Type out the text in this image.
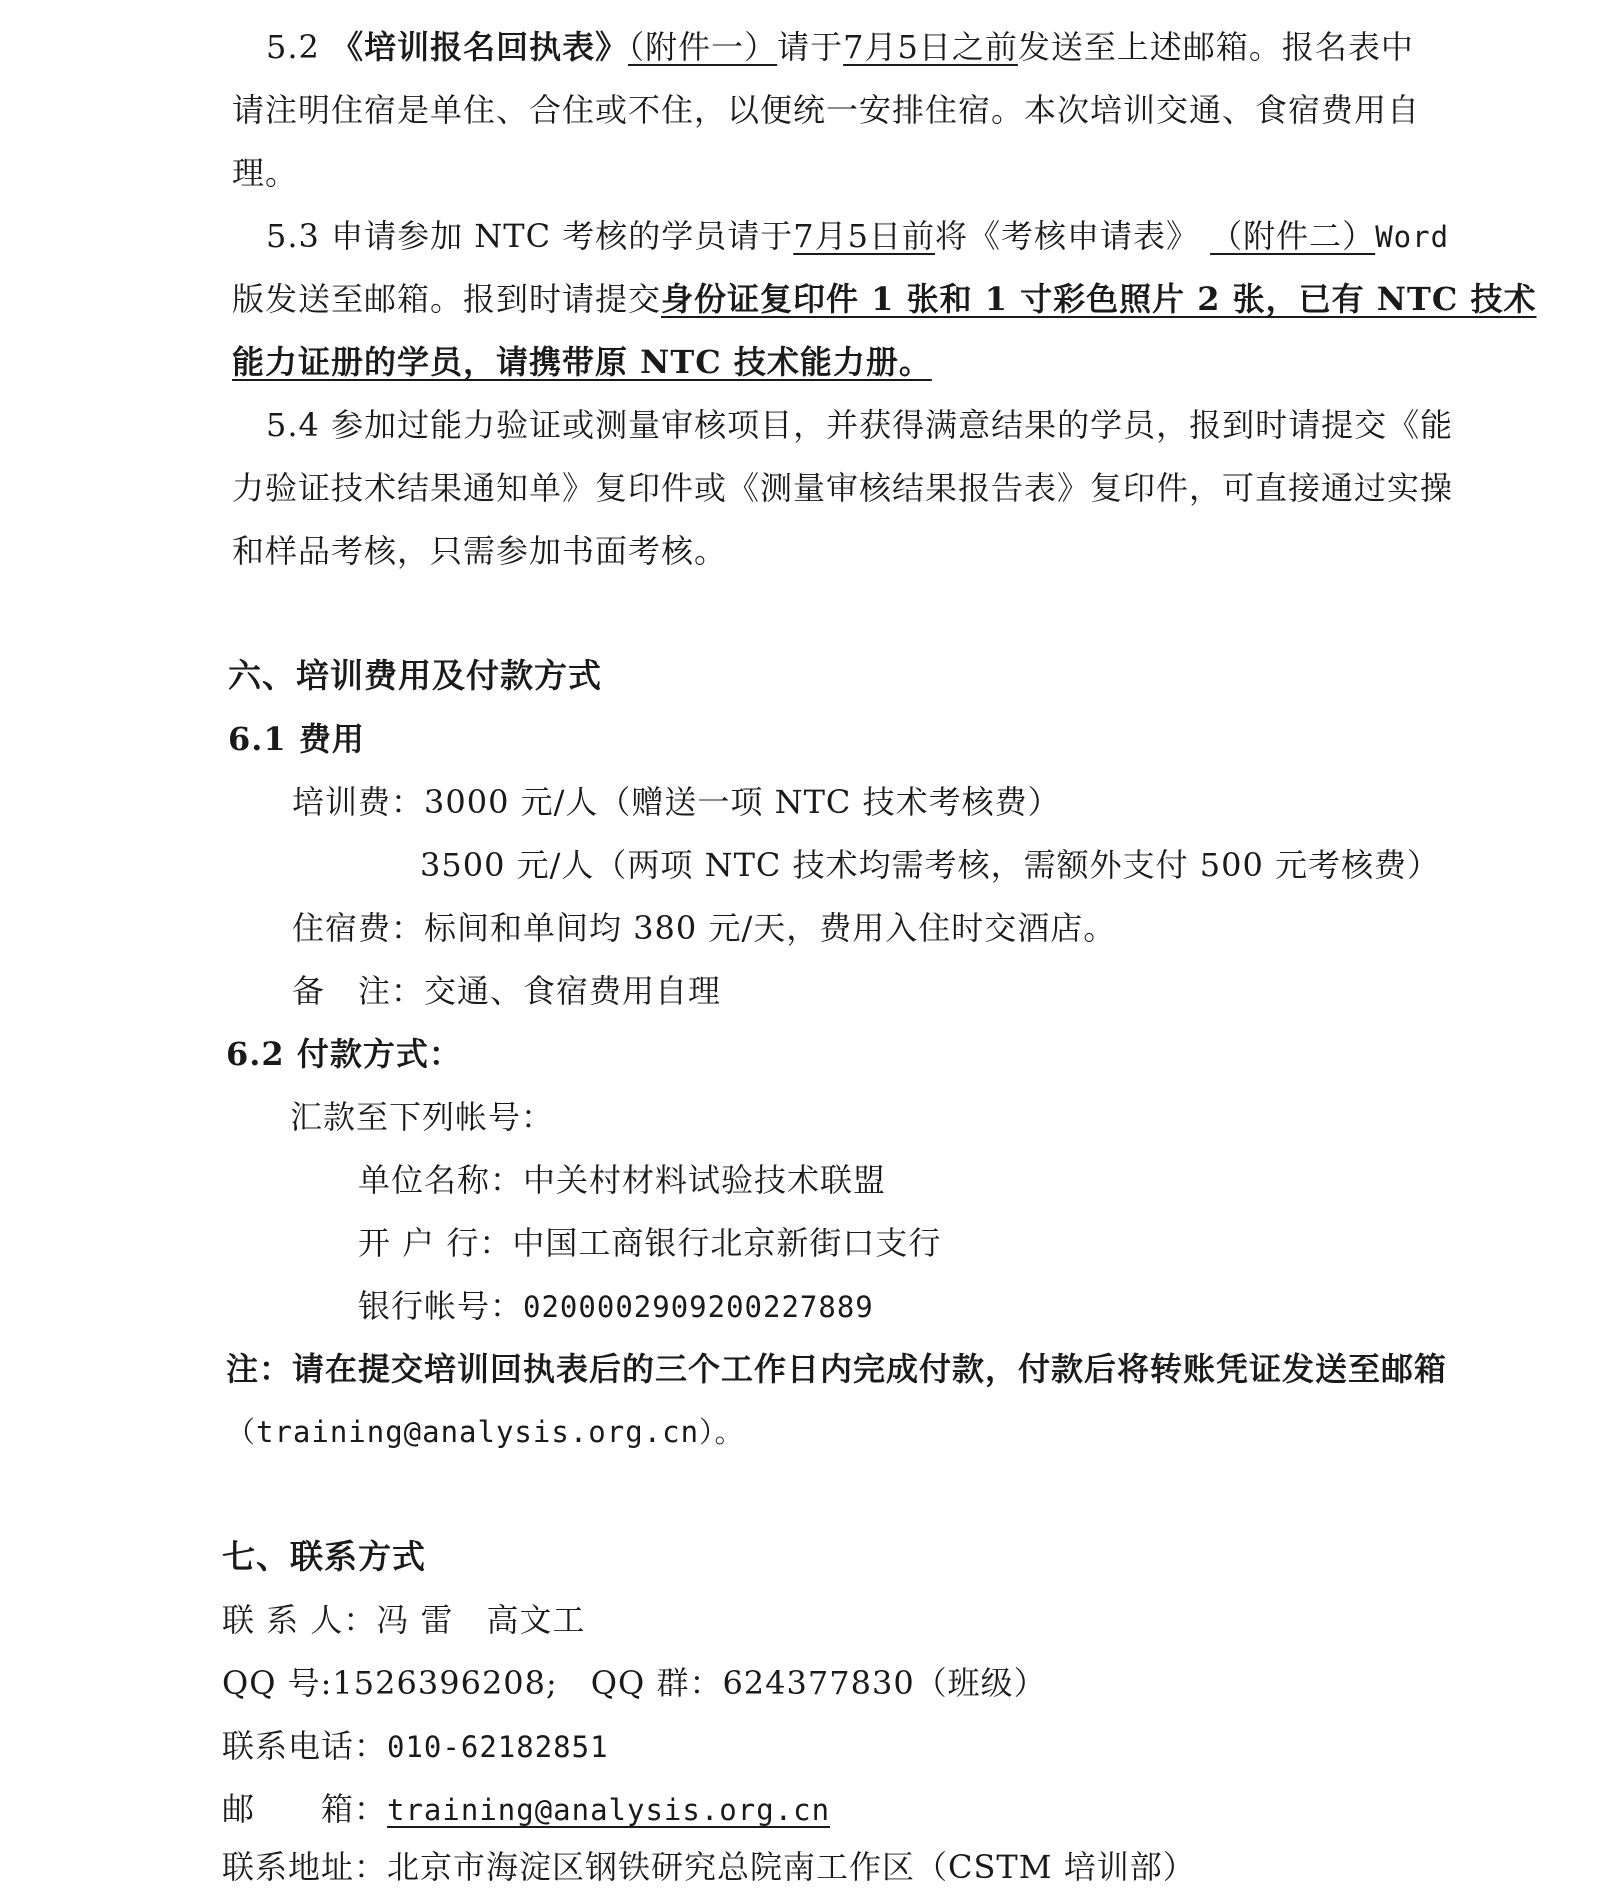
5.2 《培训报名回执表》（附件一）请于7月5日之前发送至上述邮箱。报名表中
请注明住宿是单住、合住或不住，以便统一安排住宿。本次培训交通、食宿费用自
理。
5.3 申请参加 NTC 考核的学员请于7月5日前将《考核申请表》 （附件二）Word
版发送至邮箱。报到时请提交身份证复印件 1 张和 1 寸彩色照片 2 张，已有 NTC 技术
能力证册的学员，请携带原 NTC 技术能力册。
5.4 参加过能力验证或测量审核项目，并获得满意结果的学员，报到时请提交《能
力验证技术结果通知单》复印件或《测量审核结果报告表》复印件，可直接通过实操
和样品考核，只需参加书面考核。
六、培训费用及付款方式
6.1 费用
培训费：3000 元/人（赠送一项 NTC 技术考核费）
3500 元/人（两项 NTC 技术均需考核，需额外支付 500 元考核费）
住宿费：标间和单间均 380 元/天，费用入住时交酒店。
备　注：交通、食宿费用自理
6.2 付款方式：
汇款至下列帐号：
单位名称：中关村材料试验技术联盟
开 户 行：中国工商银行北京新街口支行
银行帐号：0200002909200227889
注：请在提交培训回执表后的三个工作日内完成付款，付款后将转账凭证发送至邮箱
（training@analysis.org.cn）。
七、联系方式
联 系 人：冯 雷　高文工
QQ 号:1526396208;　QQ 群：624377830（班级）
联系电话：010-62182851
邮　　箱：training@analysis.org.cn
联系地址：北京市海淀区钢铁研究总院南工作区（CSTM 培训部）
